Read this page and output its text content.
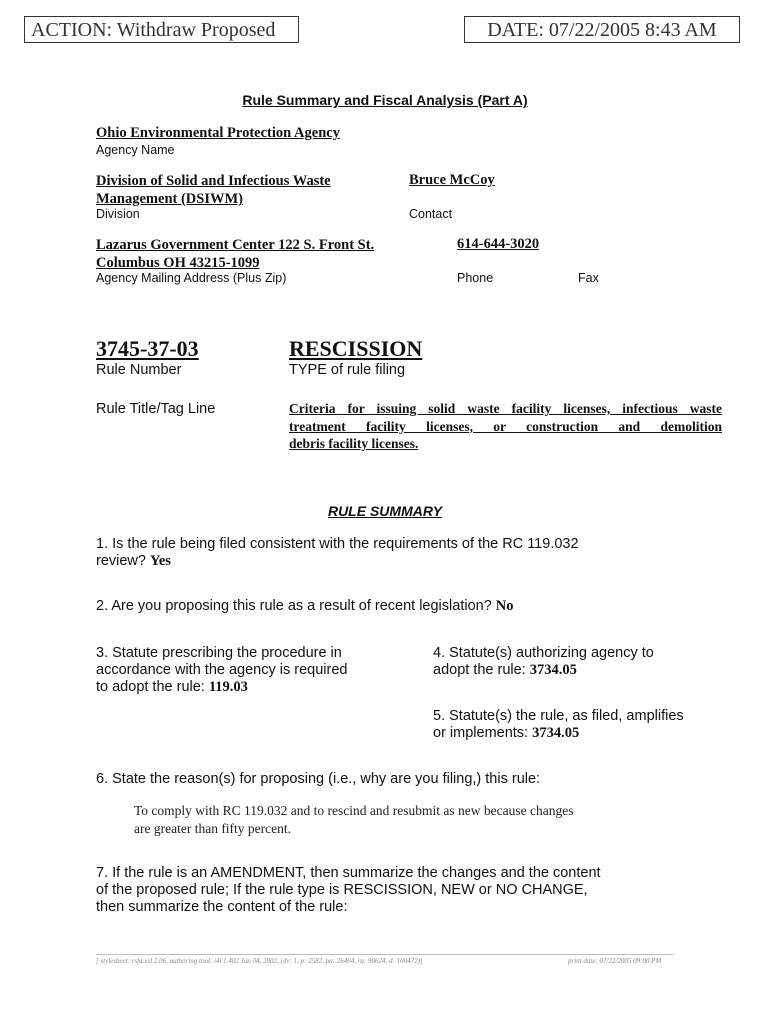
ACTION: Withdraw Proposed	DATE: 07/22/2005 8:43 AM
Rule Summary and Fiscal Analysis (Part A)
Ohio Environmental Protection Agency
Agency Name
Division of Solid and Infectious Waste
Management (DSIWM)
Division
Bruce McCoy
Contact
Lazarus Government Center 122 S. Front St.
Columbus OH 43215-1099
Agency Mailing Address (Plus Zip)
614-644-3020
Phone	Fax
3745-37-03
Rule Number
RESCISSION
TYPE of rule filing
Rule Title/Tag Line	Criteria for issuing solid waste facility licenses, infectious waste
treatment facility licenses, or construction and demolition
debris facility licenses.
RULE SUMMARY
1. Is the rule being filed consistent with the requirements of the RC 119.032
review? Yes
2. Are you proposing this rule as a result of recent legislation? No
3. Statute prescribing the procedure in
accordance with the agency is required
to adopt the rule: 119.03
4. Statute(s) authorizing agency to
adopt the rule: 3734.05
5. Statute(s) the rule, as filed, amplifies
or implements: 3734.05
6. State the reason(s) for proposing (i.e., why are you filing,) this rule:
To comply with RC 119.032 and to rescind and resubmit as new because changes
are greater than fifty percent.
7. If the rule is an AMENDMENT, then summarize the changes and the content
of the proposed rule; If the rule type is RESCISSION, NEW or NO CHANGE,
then summarize the content of the rule:
[ stylesheet: rsfa.xsl 2.06, authoring tool: i4i 1.402 Jan 04, 2002, (dv: 1, p: 2582, pa: 26464, ra: 90624, d: 100472)]	print date: 07/22/2005 09:00 PM
